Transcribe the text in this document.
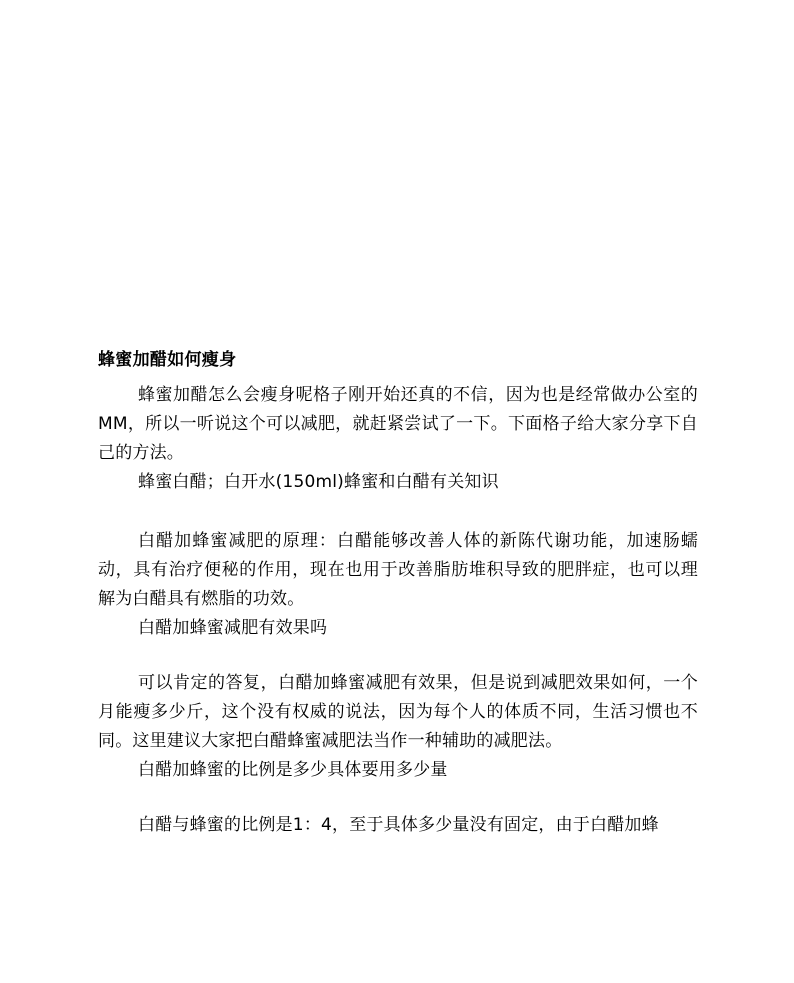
蜂蜜加醋如何瘦身

蜂蜜加醋怎么会瘦身呢格子刚开始还真的不信，因为也是经常做办公室的MM，所以一听说这个可以减肥，就赶紧尝试了一下。下面格子给大家分享下自己的方法。

蜂蜜白醋；白开水(150ml)蜂蜜和白醋有关知识

白醋加蜂蜜减肥的原理：白醋能够改善人体的新陈代谢功能，加速肠蠕动，具有治疗便秘的作用，现在也用于改善脂肪堆积导致的肥胖症，也可以理解为白醋具有燃脂的功效。

白醋加蜂蜜减肥有效果吗

可以肯定的答复，白醋加蜂蜜减肥有效果，但是说到减肥效果如何，一个月能瘦多少斤，这个没有权威的说法，因为每个人的体质不同，生活习惯也不同。这里建议大家把白醋蜂蜜减肥法当作一种辅助的减肥法。

白醋加蜂蜜的比例是多少具体要用多少量

白醋与蜂蜜的比例是1：4，至于具体多少量没有固定，由于白醋加蜂
